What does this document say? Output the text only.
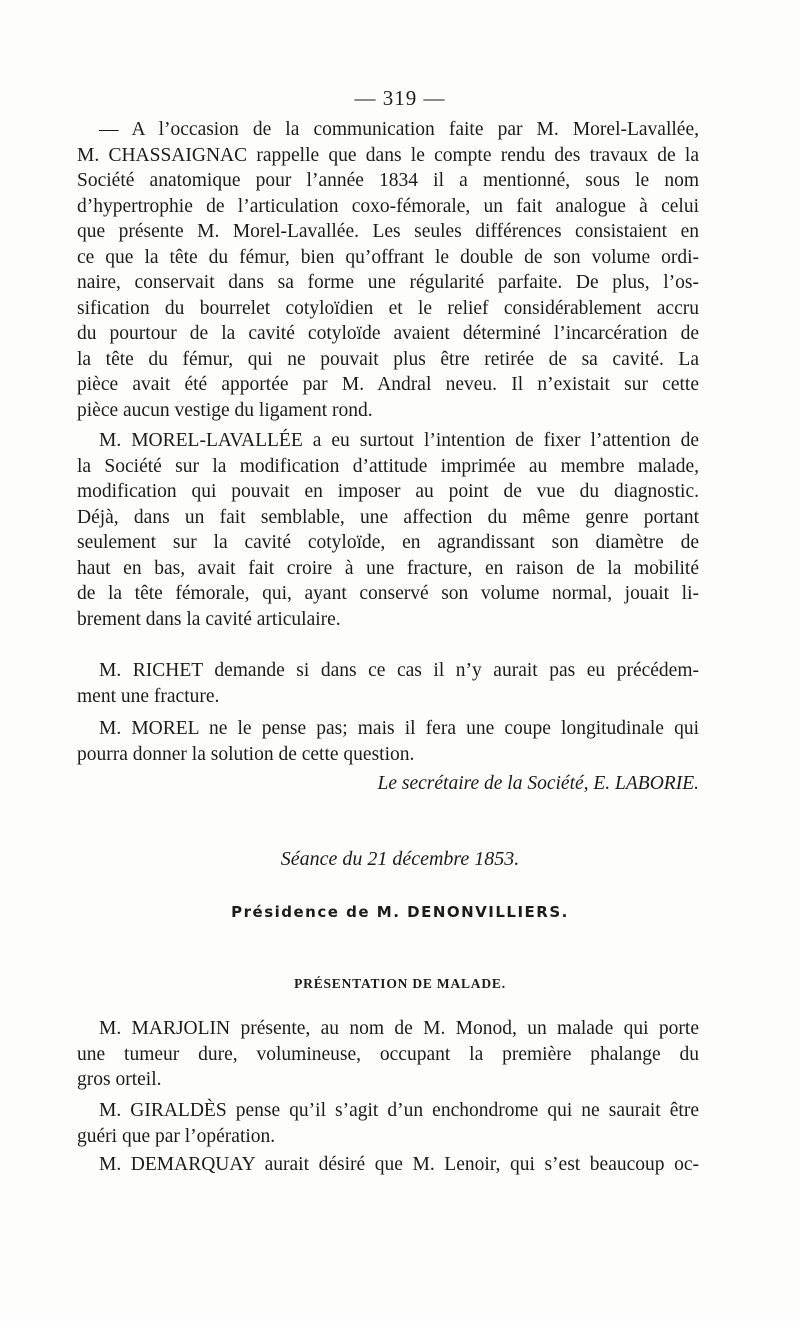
— 319 —
— A l’occasion de la communication faite par M. Morel-Lavallée,
M. CHASSAIGNAC rappelle que dans le compte rendu des travaux de la
Société anatomique pour l’année 1834 il a mentionné, sous le nom
d’hypertrophie de l’articulation coxo-fémorale, un fait analogue à celui
que présente M. Morel-Lavallée. Les seules différences consistaient en
ce que la tête du fémur, bien qu’offrant le double de son volume ordi-
naire, conservait dans sa forme une régularité parfaite. De plus, l’os-
sification du bourrelet cotyloïdien et le relief considérablement accru
du pourtour de la cavité cotyloïde avaient déterminé l’incarcération de
la tête du fémur, qui ne pouvait plus être retirée de sa cavité. La
pièce avait été apportée par M. Andral neveu. Il n’existait sur cette
pièce aucun vestige du ligament rond.
M. MOREL-LAVALLÉE a eu surtout l’intention de fixer l’attention de
la Société sur la modification d’attitude imprimée au membre malade,
modification qui pouvait en imposer au point de vue du diagnostic.
Déjà, dans un fait semblable, une affection du même genre portant
seulement sur la cavité cotyloïde, en agrandissant son diamètre de
haut en bas, avait fait croire à une fracture, en raison de la mobilité
de la tête fémorale, qui, ayant conservé son volume normal, jouait li-
brement dans la cavité articulaire.
M. RICHET demande si dans ce cas il n’y aurait pas eu précédem-
ment une fracture.
M. MOREL ne le pense pas; mais il fera une coupe longitudinale qui
pourra donner la solution de cette question.
Le secrétaire de la Société, E. LABORIE.
Séance du 21 décembre 1853.
Présidence de M. DENONVILLIERS.
PRÉSENTATION DE MALADE.
M. MARJOLIN présente, au nom de M. Monod, un malade qui porte
une tumeur dure, volumineuse, occupant la première phalange du
gros orteil.
M. GIRALDÈS pense qu’il s’agit d’un enchondrome qui ne saurait être
guéri que par l’opération.
M. DEMARQUAY aurait désiré que M. Lenoir, qui s’est beaucoup oc-
